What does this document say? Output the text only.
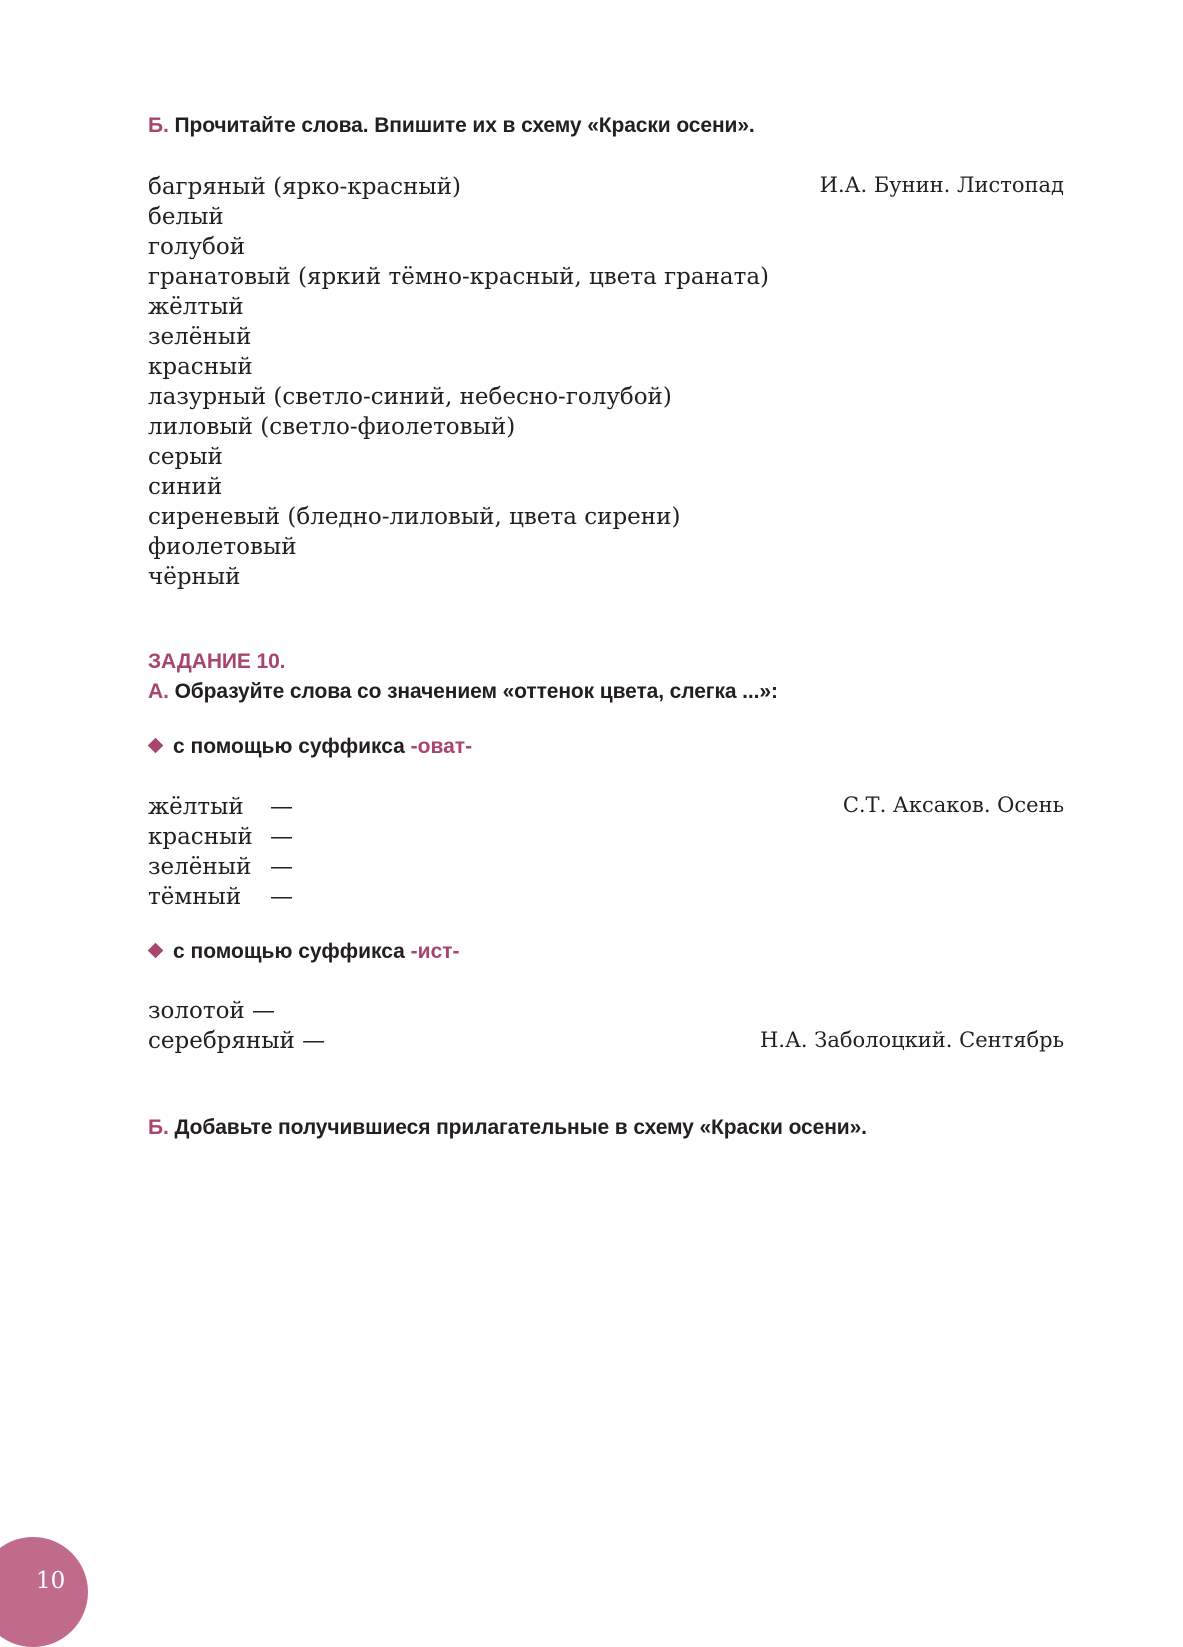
Б. Прочитайте слова. Впишите их в схему «Краски осени».
багряный (ярко-красный)
белый
голубой
гранатовый (яркий тёмно-красный, цвета граната)
жёлтый
зелёный
красный
лазурный (светло-синий, небесно-голубой)
лиловый (светло-фиолетовый)
серый
синий
сиреневый (бледно-лиловый, цвета сирени)
фиолетовый
чёрный
И.А. Бунин. Листопад
ЗАДАНИЕ 10.
А. Образуйте слова со значением «оттенок цвета, слегка ...»:
с помощью суффикса -оват-
жёлтый —
красный —
зелёный —
тёмный —
С.Т. Аксаков. Осень
с помощью суффикса -ист-
золотой —
серебряный —	Н.А. Заболоцкий. Сентябрь
Б. Добавьте получившиеся прилагательные в схему «Краски осени».
10
